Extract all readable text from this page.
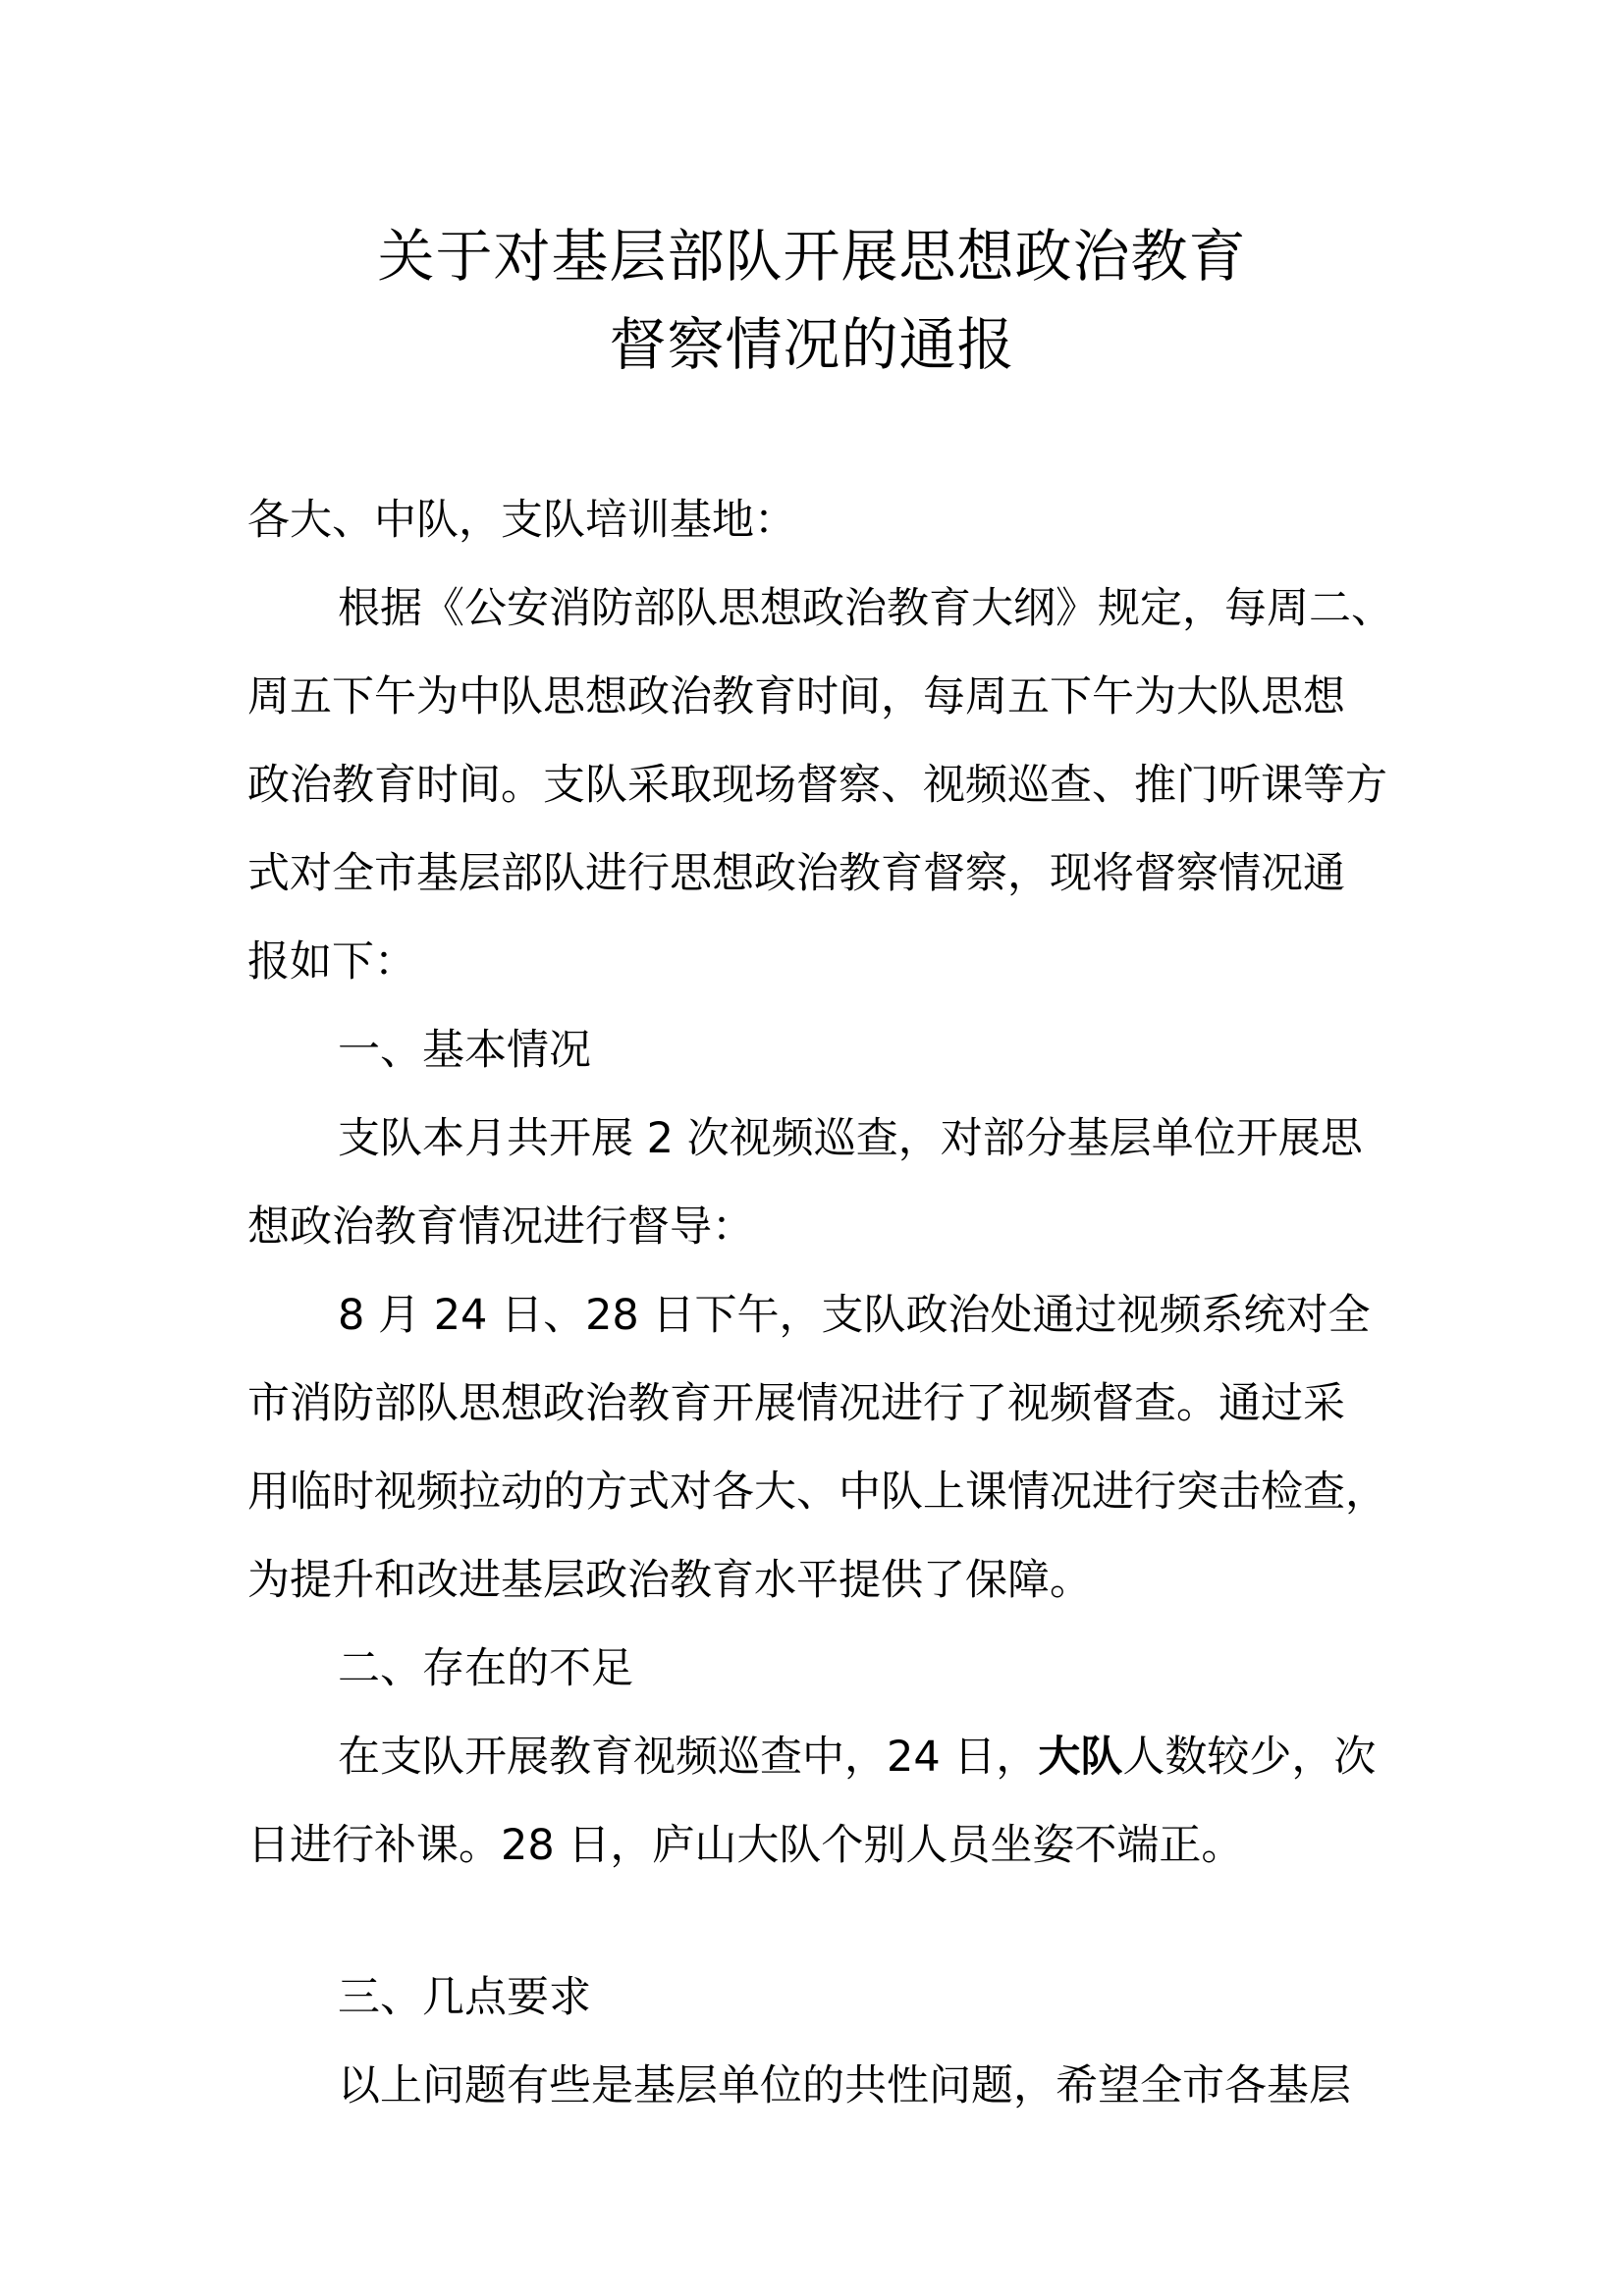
关于对基层部队开展思想政治教育
督察情况的通报

各大、中队，支队培训基地：

根据《公安消防部队思想政治教育大纲》规定，每周二、
周五下午为中队思想政治教育时间，每周五下午为大队思想
政治教育时间。支队采取现场督察、视频巡查、推门听课等方
式对全市基层部队进行思想政治教育督察，现将督察情况通
报如下：

一、基本情况

支队本月共开展 2 次视频巡查，对部分基层单位开展思
想政治教育情况进行督导：

8 月 24 日、28 日下午，支队政治处通过视频系统对全
市消防部队思想政治教育开展情况进行了视频督查。通过采
用临时视频拉动的方式对各大、中队上课情况进行突击检查，
为提升和改进基层政治教育水平提供了保障。

二、存在的不足

在支队开展教育视频巡查中，24 日，大队人数较少，次
日进行补课。28 日，庐山大队个别人员坐姿不端正。

三、几点要求

以上问题有些是基层单位的共性问题，希望全市各基层
